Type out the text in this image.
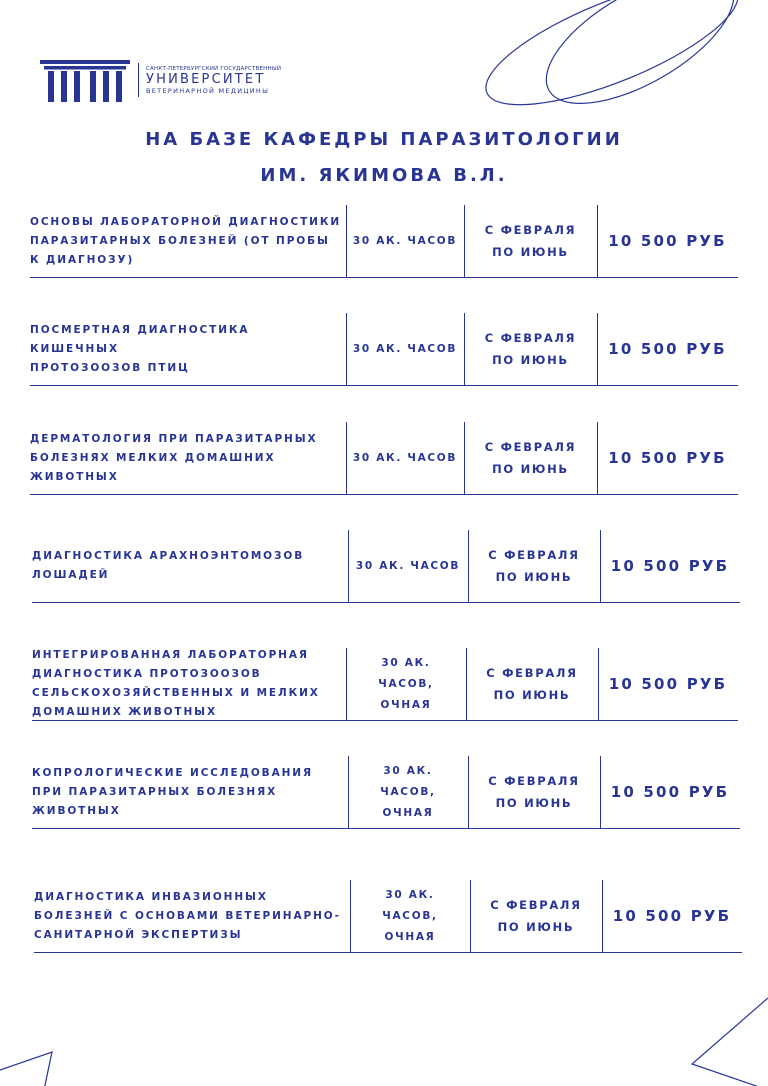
САНКТ-ПЕТЕРБУРГСКИЙ ГОСУДАРСТВЕННЫЙ
УНИВЕРСИТЕТ
ВЕТЕРИНАРНОЙ МЕДИЦИНЫ
НА БАЗЕ КАФЕДРЫ ПАРАЗИТОЛОГИИ
ИМ. ЯКИМОВА В.Л.
ОСНОВЫ ЛАБОРАТОРНОЙ ДИАГНОСТИКИ
ПАРАЗИТАРНЫХ БОЛЕЗНЕЙ (ОТ ПРОБЫ
К ДИАГНОЗУ)
30 АК. ЧАСОВ
С ФЕВРАЛЯ
ПО ИЮНЬ
10 500 РУБ
ПОСМЕРТНАЯ ДИАГНОСТИКА КИШЕЧНЫХ
ПРОТОЗООЗОВ ПТИЦ
30 АК. ЧАСОВ
С ФЕВРАЛЯ
ПО ИЮНЬ
10 500 РУБ
ДЕРМАТОЛОГИЯ ПРИ ПАРАЗИТАРНЫХ
БОЛЕЗНЯХ МЕЛКИХ ДОМАШНИХ
ЖИВОТНЫХ
30 АК. ЧАСОВ
С ФЕВРАЛЯ
ПО ИЮНЬ
10 500 РУБ
ДИАГНОСТИКА АРАХНОЭНТОМОЗОВ
ЛОШАДЕЙ
30 АК. ЧАСОВ
С ФЕВРАЛЯ
ПО ИЮНЬ
10 500 РУБ
ИНТЕГРИРОВАННАЯ ЛАБОРАТОРНАЯ
ДИАГНОСТИКА ПРОТОЗООЗОВ
СЕЛЬСКОХОЗЯЙСТВЕННЫХ И МЕЛКИХ
ДОМАШНИХ ЖИВОТНЫХ
30 АК.
ЧАСОВ,
ОЧНАЯ
С ФЕВРАЛЯ
ПО ИЮНЬ
10 500 РУБ
КОПРОЛОГИЧЕСКИЕ ИССЛЕДОВАНИЯ
ПРИ ПАРАЗИТАРНЫХ БОЛЕЗНЯХ
ЖИВОТНЫХ
30 АК.
ЧАСОВ,
ОЧНАЯ
С ФЕВРАЛЯ
ПО ИЮНЬ
10 500 РУБ
ДИАГНОСТИКА ИНВАЗИОННЫХ
БОЛЕЗНЕЙ С ОСНОВАМИ ВЕТЕРИНАРНО-
САНИТАРНОЙ ЭКСПЕРТИЗЫ
30 АК.
ЧАСОВ,
ОЧНАЯ
С ФЕВРАЛЯ
ПО ИЮНЬ
10 500 РУБ
